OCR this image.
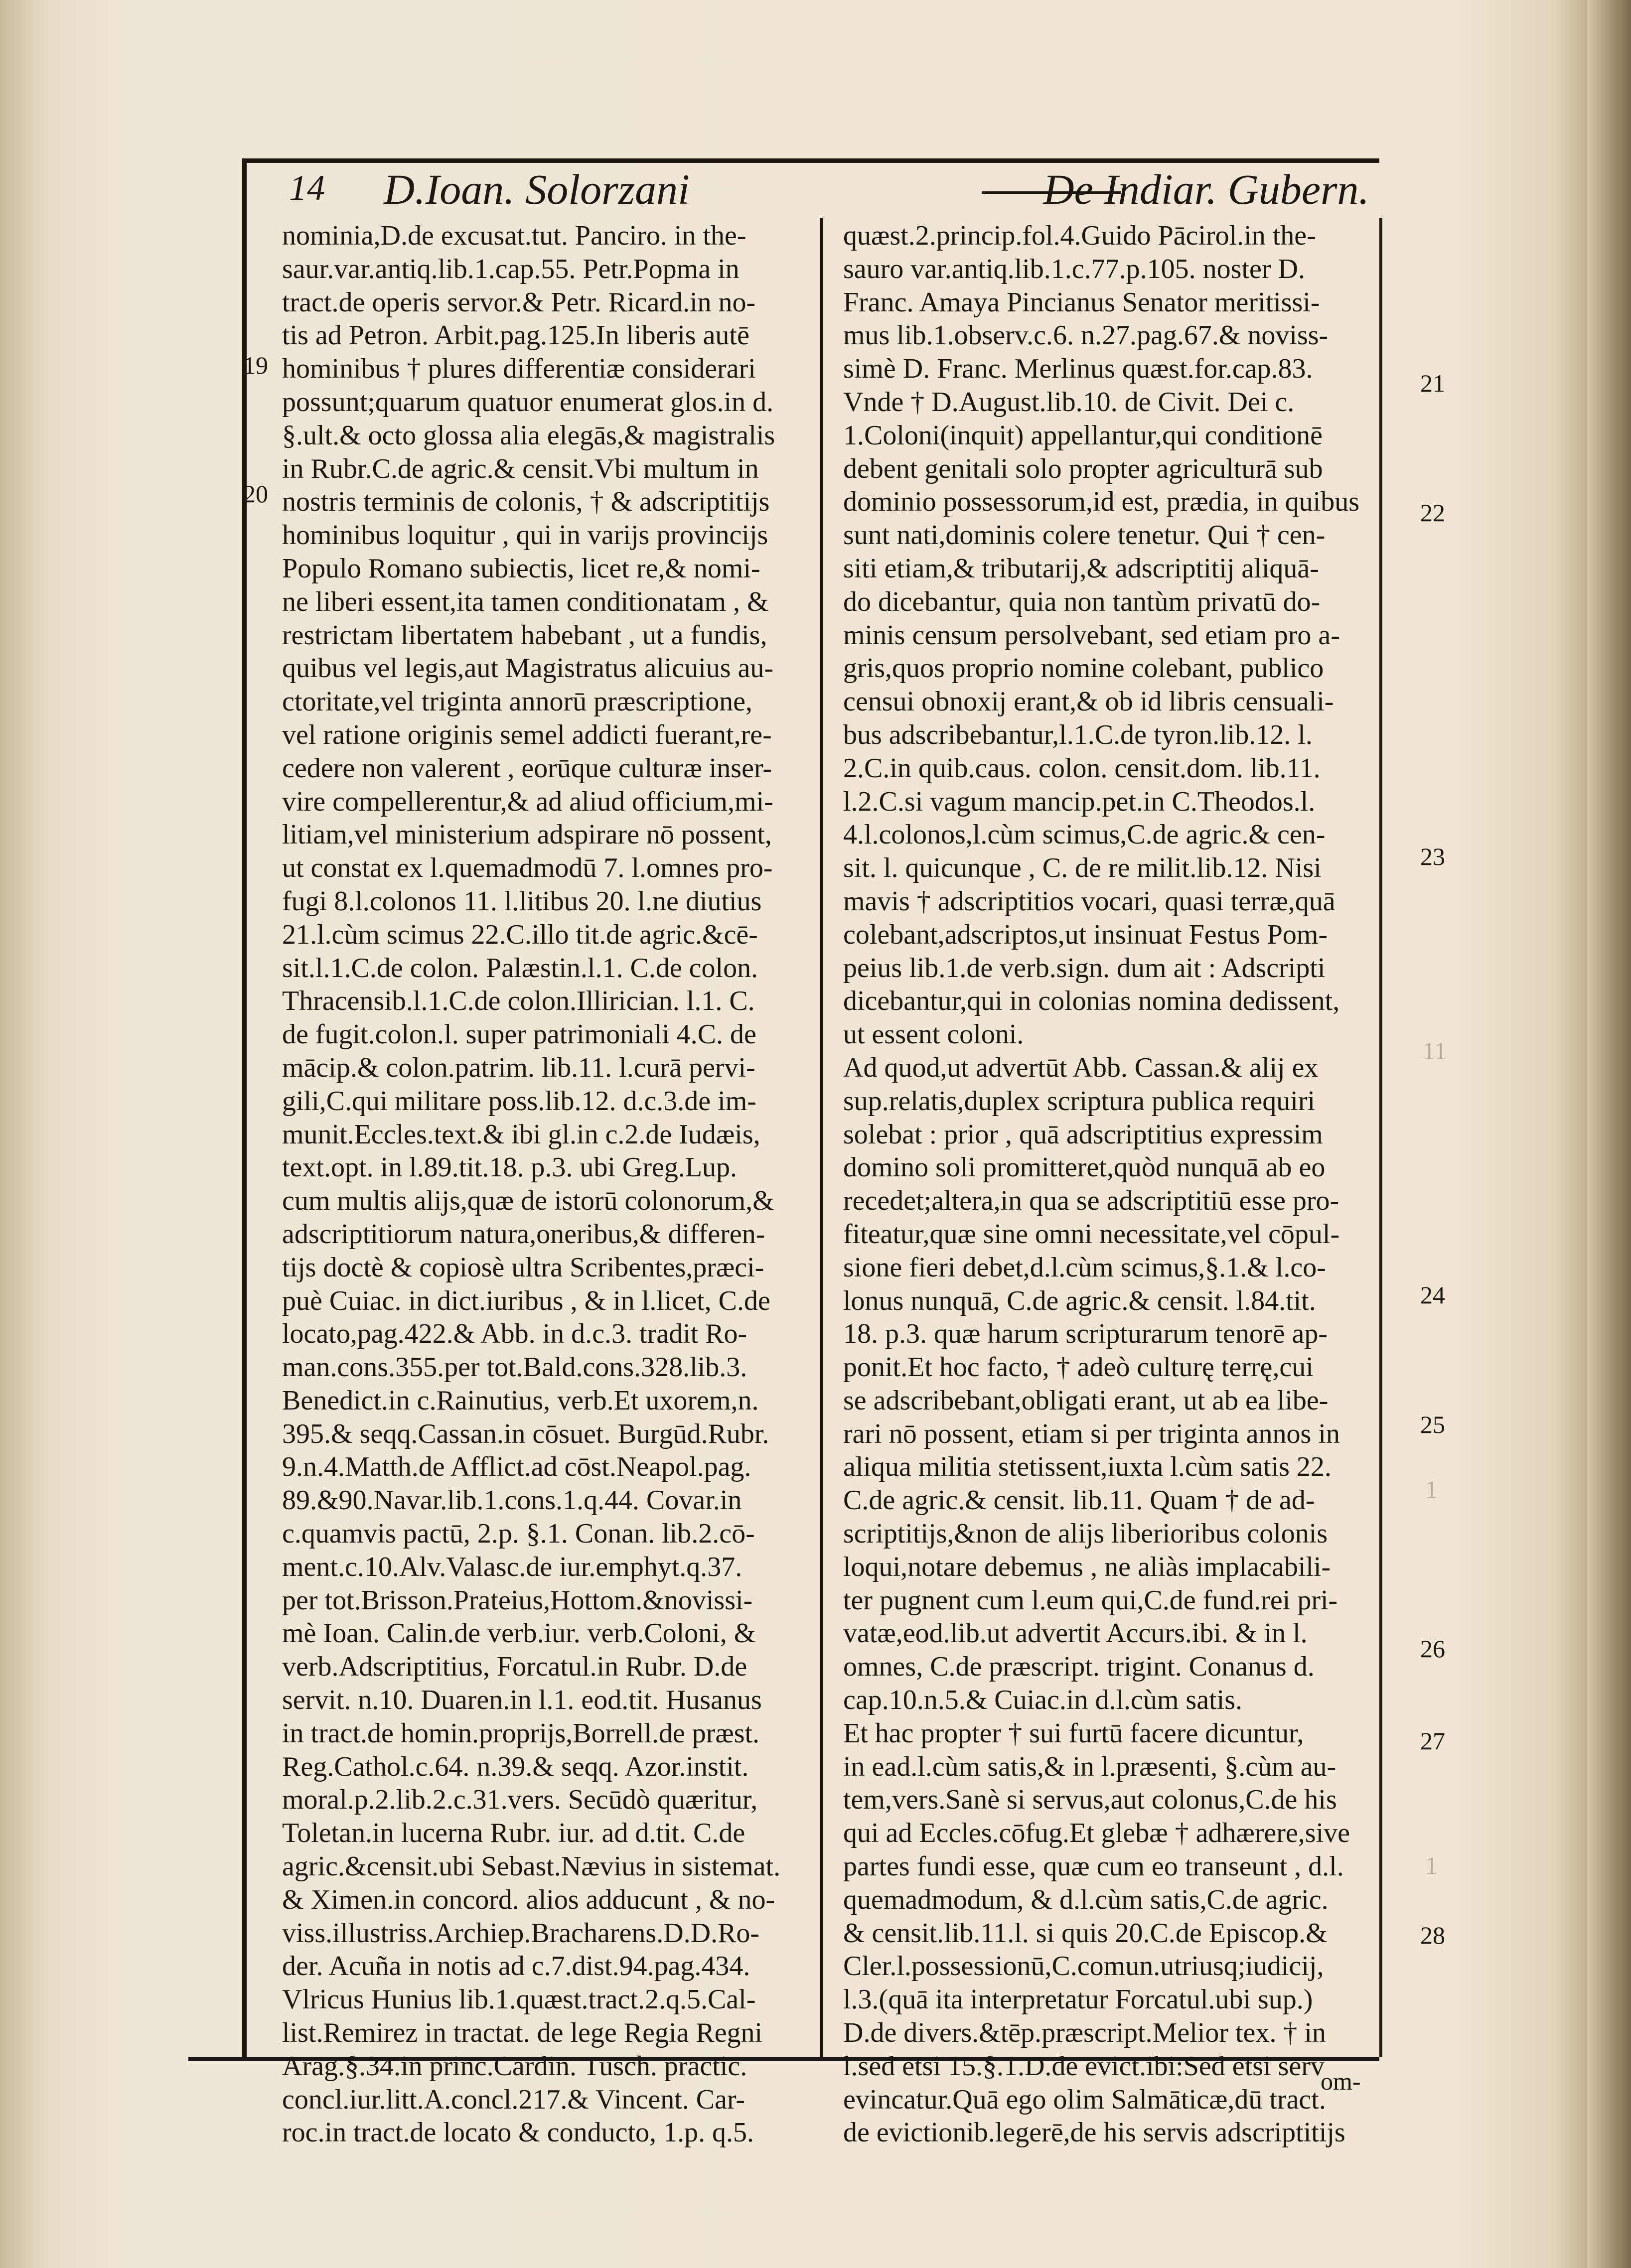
14 D.Ioan. Solorzani	De Indiar. Gubern.
nominia,D.de excusat.tut. Panciro. in the-
saur.var.antiq.lib.1.cap.55. Petr.Popma in
tract.de operis servor.& Petr. Ricard.in no-
tis ad Petron. Arbit.pag.125.In liberis autē
hominibus † plures differentiæ considerari
possunt;quarum quatuor enumerat glos.in d.
§.ult.& octo glossa alia elegās,& magistralis
in Rubr.C.de agric.& censit.Vbi multum in
nostris terminis de colonis, † & adscriptitijs
hominibus loquitur , qui in varijs provincijs
Populo Romano subiectis, licet re,& nomi-
ne liberi essent,ita tamen conditionatam , &
restrictam libertatem habebant , ut a fundis,
quibus vel legis,aut Magistratus alicuius au-
ctoritate,vel triginta annorū præscriptione,
vel ratione originis semel addicti fuerant,re-
cedere non valerent , eorūque culturæ inser-
vire compellerentur,& ad aliud officium,mi-
litiam,vel ministerium adspirare nō possent,
ut constat ex l.quemadmodū 7. l.omnes pro-
fugi 8.l.colonos 11. l.litibus 20. l.ne diutius
21.l.cùm scimus 22.C.illo tit.de agric.&cē-
sit.l.1.C.de colon. Palæstin.l.1. C.de colon.
Thracensib.l.1.C.de colon.Illirician. l.1. C.
de fugit.colon.l. super patrimoniali 4.C. de
mācip.& colon.patrim. lib.11. l.curā pervi-
gili,C.qui militare poss.lib.12. d.c.3.de im-
munit.Eccles.text.& ibi gl.in c.2.de Iudæis,
text.opt. in l.89.tit.18. p.3. ubi Greg.Lup.
cum multis alijs,quæ de istorū colonorum,&
adscriptitiorum natura,oneribus,& differen-
tijs doctè & copiosè ultra Scribentes,præci-
puè Cuiac. in dict.iuribus , & in l.licet, C.de
locato,pag.422.& Abb. in d.c.3. tradit Ro-
man.cons.355.per tot.Bald.cons.328.lib.3.
Benedict.in c.Rainutius, verb.Et uxorem,n.
395.& seqq.Cassan.in cōsuet. Burgūd.Rubr.
9.n.4.Matth.de Afflict.ad cōst.Neapol.pag.
89.&90.Navar.lib.1.cons.1.q.44. Covar.in
c.quamvis pactū, 2.p. §.1. Conan. lib.2.cō-
ment.c.10.Alv.Valasc.de iur.emphyt.q.37.
per tot.Brisson.Prateius,Hottom.&novissi-
mè Ioan. Calin.de verb.iur. verb.Coloni, &
verb.Adscriptitius, Forcatul.in Rubr. D.de
servit. n.10. Duaren.in l.1. eod.tit. Husanus
in tract.de homin.proprijs,Borrell.de præst.
Reg.Cathol.c.64. n.39.& seqq. Azor.instit.
moral.p.2.lib.2.c.31.vers. Secūdò quæritur,
Toletan.in lucerna Rubr. iur. ad d.tit. C.de
agric.&censit.ubi Sebast.Nævius in sistemat.
& Ximen.in concord. alios adducunt , & no-
viss.illustriss.Archiep.Bracharens.D.D.Ro-
der. Acuña in notis ad c.7.dist.94.pag.434.
Vlricus Hunius lib.1.quæst.tract.2.q.5.Cal-
list.Remirez in tractat. de lege Regia Regni
Arag.§.34.in princ.Cardin. Tusch. practic.
concl.iur.litt.A.concl.217.& Vincent. Car-
roc.in tract.de locato & conducto, 1.p. q.5.
quæst.2.princip.fol.4.Guido Pācirol.in the-
sauro var.antiq.lib.1.c.77.p.105. noster D.
Franc. Amaya Pincianus Senator meritissi-
mus lib.1.observ.c.6. n.27.pag.67.& noviss-
simè D. Franc. Merlinus quæst.for.cap.83.
Vnde † D.August.lib.10. de Civit. Dei c.
1.Coloni(inquit) appellantur,qui conditionē
debent genitali solo propter agriculturā sub
dominio possessorum,id est, prædia, in quibus
sunt nati,dominis colere tenetur. Qui † cen-
siti etiam,& tributarij,& adscriptitij aliquā-
do dicebantur, quia non tantùm privatū do-
minis censum persolvebant, sed etiam pro a-
gris,quos proprio nomine colebant, publico
censui obnoxij erant,& ob id libris censuali-
bus adscribebantur,l.1.C.de tyron.lib.12. l.
2.C.in quib.caus. colon. censit.dom. lib.11.
l.2.C.si vagum mancip.pet.in C.Theodos.l.
4.l.colonos,l.cùm scimus,C.de agric.& cen-
sit. l. quicunque , C. de re milit.lib.12. Nisi
mavis † adscriptitios vocari, quasi terræ,quā
colebant,adscriptos,ut insinuat Festus Pom-
peius lib.1.de verb.sign. dum ait : Adscripti
dicebantur,qui in colonias nomina dedissent,
ut essent coloni.
Ad quod,ut advertūt Abb. Cassan.& alij ex
sup.relatis,duplex scriptura publica requiri
solebat : prior , quā adscriptitius expressim
domino soli promitteret,quòd nunquā ab eo
recedet;altera,in qua se adscriptitiū esse pro-
fiteatur,quæ sine omni necessitate,vel cōpul-
sione fieri debet,d.l.cùm scimus,§.1.& l.co-
lonus nunquā, C.de agric.& censit. l.84.tit.
18. p.3. quæ harum scripturarum tenorē ap-
ponit.Et hoc facto, † adeò culturę terrę,cui
se adscribebant,obligati erant, ut ab ea libe-
rari nō possent, etiam si per triginta annos in
aliqua militia stetissent,iuxta l.cùm satis 22.
C.de agric.& censit. lib.11. Quam † de ad-
scriptitijs,&non de alijs liberioribus colonis
loqui,notare debemus , ne aliàs implacabili-
ter pugnent cum l.eum qui,C.de fund.rei pri-
vatæ,eod.lib.ut advertit Accurs.ibi. & in l.
omnes, C.de præscript. trigint. Conanus d.
cap.10.n.5.& Cuiac.in d.l.cùm satis.
Et hac propter † sui furtū facere dicuntur,
in ead.l.cùm satis,& in l.præsenti, §.cùm au-
tem,vers.Sanè si servus,aut colonus,C.de his
qui ad Eccles.cōfug.Et glebæ † adhærere,sive
partes fundi esse, quæ cum eo transeunt , d.l.
quemadmodum, & d.l.cùm satis,C.de agric.
& censit.lib.11.l. si quis 20.C.de Episcop.&
Cler.l.possessionū,C.comun.utriusq;iudicij,
l.3.(quā ita interpretatur Forcatul.ubi sup.)
D.de divers.&tēp.præscript.Melior tex. † in
l.sed etsi 15.§.1.D.de evict.ibi:Sed etsi serv
evincatur.Quā ego olim Salmāticæ,dū tract.
de evictionib.legerē,de his servis adscriptitijs
19
20
21
22
23
24
25
26
27
28
11
1
1
om-
